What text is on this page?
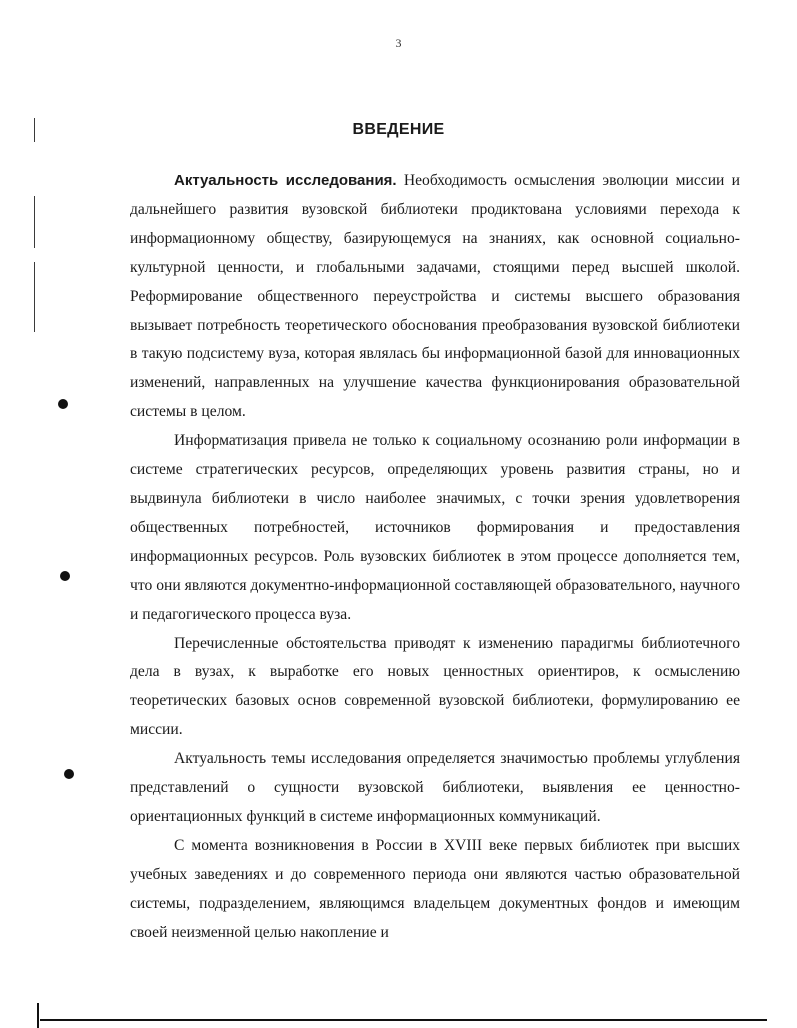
3
ВВЕДЕНИЕ

Актуальность исследования. Необходимость осмысления эволюции миссии и дальнейшего развития вузовской библиотеки продиктована условиями перехода к информационному обществу, базирующемуся на знаниях, как основной социально-культурной ценности, и глобальными задачами, стоящими перед высшей школой. Реформирование общественного переустройства и системы высшего образования вызывает потребность теоретического обоснования преобразования вузовской библиотеки в такую подсистему вуза, которая являлась бы информационной базой для инновационных изменений, направленных на улучшение качества функционирования образовательной системы в целом.

Информатизация привела не только к социальному осознанию роли информации в системе стратегических ресурсов, определяющих уровень развития страны, но и выдвинула библиотеки в число наиболее значимых, с точки зрения удовлетворения общественных потребностей, источников формирования и предоставления информационных ресурсов. Роль вузовских библиотек в этом процессе дополняется тем, что они являются документно-информационной составляющей образовательного, научного и педагогического процесса вуза.

Перечисленные обстоятельства приводят к изменению парадигмы библиотечного дела в вузах, к выработке его новых ценностных ориентиров, к осмыслению теоретических базовых основ современной вузовской библиотеки, формулированию ее миссии.

Актуальность темы исследования определяется значимостью проблемы углубления представлений о сущности вузовской библиотеки, выявления ее ценностно-ориентационных функций в системе информационных коммуникаций.

С момента возникновения в России в XVIII веке первых библиотек при высших учебных заведениях и до современного периода они являются частью образовательной системы, подразделением, являющимся владельцем документных фондов и имеющим своей неизменной целью накопление и
